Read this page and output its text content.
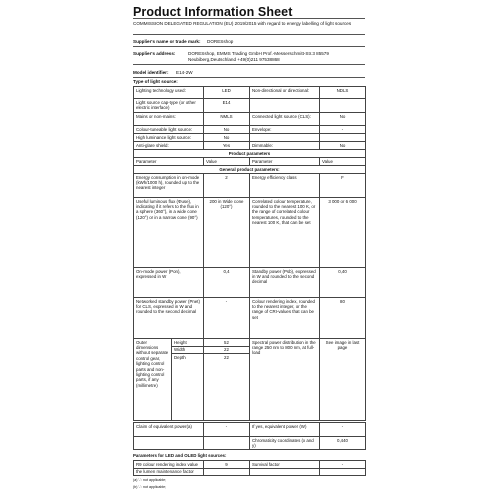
Product Information Sheet
COMMISSION DELEGATED REGULATION (EU) 2019/2015 with regard to energy labelling of light sources
Supplier's name or trade mark: DORESshop
Supplier's address:	DORESshop, EMMS Trading GmbH Prof.-Messerschmitt-Str.3 85579 Neubiberg,Deutschland +49(0)211 97538868
Model identifier: E14-2W
Type of light source:
Lighting technology used:	LED	Non-directional or directional:	NDLS
Light source cap-type (or other electric interface)	E14		
Mains or non-mains:	NMLS	Connected light source (CLS):	No
Colour-tuneable light source:	No	Envelope:	-
High luminance light source:	No		
Anti-glare shield:	Yes	Dimmable:	No
Product parameters			
Parameter	Value	Parameter	Value
General product parameters:			
Energy consumption in on-mode (kWh/1000 h), rounded up to the nearest integer	2	Energy efficiency class	F
Useful luminous flux (Φuse), indicating if it refers to the flux in a sphere (360°), in a wide cone (120°) or in a narrow cone (90°)	200 in Wide cone (120°)	Correlated colour temperature, rounded to the nearest 100 K, or the range of correlated colour temperatures, rounded to the nearest 100 K, that can be set	3 000 or 6 000
On-mode power (Pon), expressed in W	0,4	Standby power (Psb), expressed in W and rounded to the second decimal	0,40
Networked standby power (Pnet) for CLS, expressed in W and rounded to the second decimal	-	Colour rendering index, rounded to the nearest integer, or the range of CRI-values that can be set	80
Outer dimensions without separate control gear, lighting control parts and non-lighting control parts, if any (millimetre)	Height	52	Spectral power distribution in the range 250 nm to 800 nm, at full-load	See image in last page
	Width	22		
	Depth	22		
Claim of equivalent power(a)	-	If yes, equivalent power (W)	-
		Chromaticity coordinates (x and y)	0,440
Parameters for LED and OLED light sources:
R9 colour rendering index value	9	Survival factor	-
the lumen maintenance factor			
(a) '-': not applicable;
(b) '-': not applicable;
